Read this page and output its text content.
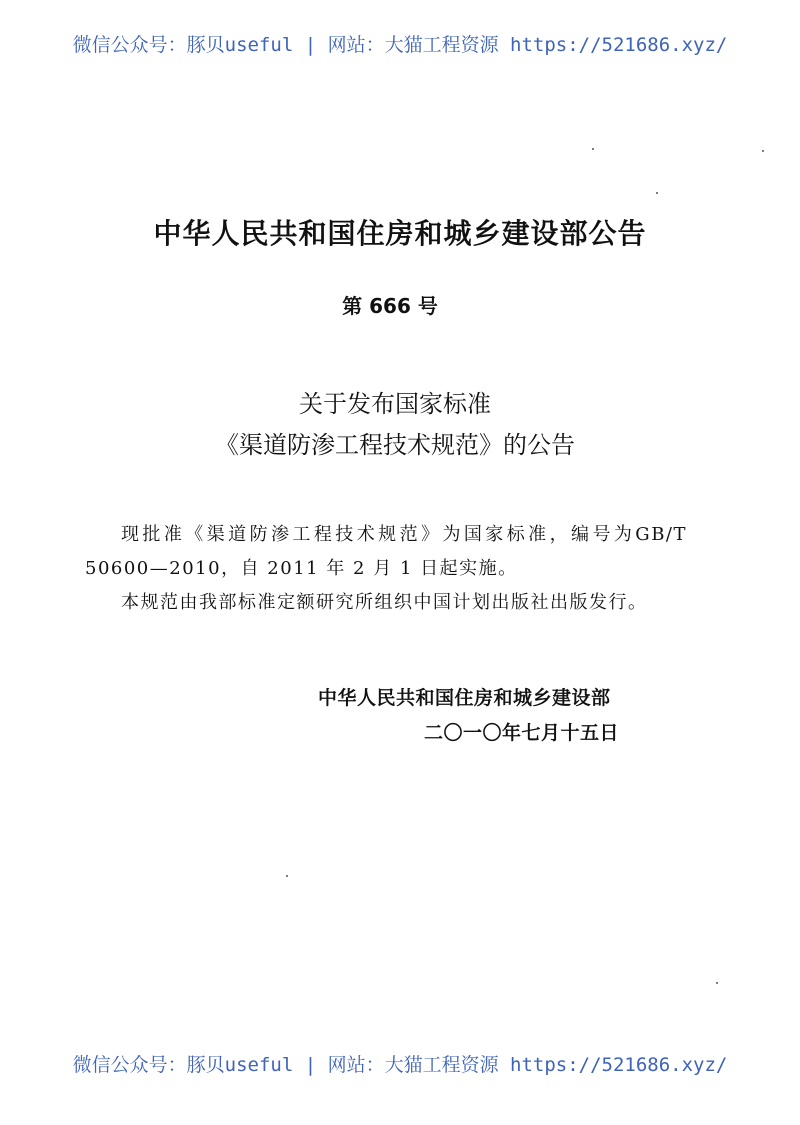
微信公众号：豚贝useful | 网站：大猫工程资源 https://521686.xyz/
中华人民共和国住房和城乡建设部公告
第 666 号
关于发布国家标准
《渠道防渗工程技术规范》的公告
现批准《渠道防渗工程技术规范》为国家标准，编号为GB/T 50600—2010，自 2011 年 2 月 1 日起实施。
本规范由我部标准定额研究所组织中国计划出版社出版发行。
中华人民共和国住房和城乡建设部
二〇一〇年七月十五日
微信公众号：豚贝useful | 网站：大猫工程资源 https://521686.xyz/
